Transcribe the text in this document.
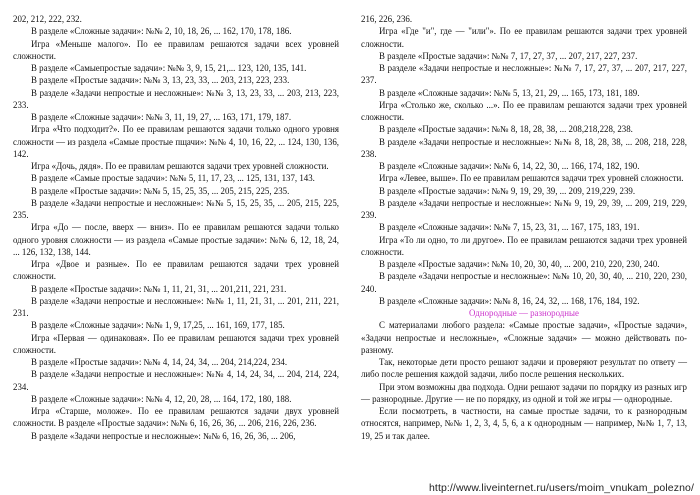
202, 212, 222, 232.

В разделе «Сложные задачи»: №№ 2, 10, 18, 26, ... 162, 170, 178, 186.

Игра «Меньше малого». По ее правилам решаются задачи всех уровней сложности.

В разделе «Самыепростые задачи»: №№ 3, 9, 15, 21,... 123, 120, 135, 141.

В разделе «Простые задачи»: №№ 3, 13, 23, 33, ... 203, 213, 223, 233.

В разделе «Задачи непростые и несложные»: №№ 3, 13, 23, 33, ... 203, 213, 223, 233.

В разделе «Сложные задачи»: №№ 3, 11, 19, 27, ... 163, 171, 179, 187.

Игра «Что подходит?». По ее правилам решаются задачи только одного уровня сложности — из раздела «Самые простые пщачи»: №№ 4, 10, 16, 22, ... 124, 130, 136, 142.

Игра «Дочь, дядя». По ее правилам решаются задачи трех уровней сложности.

В разделе «Самые простые задачи»: №№ 5, 11, 17, 23, ... 125, 131, 137, 143.

В разделе «Простые задачи»: №№ 5, 15, 25, 35, ... 205, 215, 225, 235.

В разделе «Задачи непростые и несложные»: №№ 5, 15, 25, 35, ... 205, 215, 225, 235.

Игра «До — после, вверх — вниз». По ее правилам решаются задачи только одного уровня сложности — из раздела «Самые простые задачи»: №№ 6, 12, 18, 24, ... 126, 132, 138, 144.

Игра «Двое и разные». По ее правилам решаются задачи трех уровней сложности.

В разделе «Простые задачи»: №№ 1, 11, 21, 31, ... 201,211, 221, 231.

В разделе «Задачи непростые и несложные»: №№ 1, 11, 21, 31, ... 201, 211, 221, 231.

В разделе «Сложные задачи»: №№ 1, 9, 17,25, ... 161, 169, 177, 185.

Игра «Первая — одинаковая». По ее правилам решаются задачи трех уровней сложности.

В разделе «Простые задачи»: №№ 4, 14, 24, 34, ... 204, 214,224, 234.

В разделе «Задачи непростые и несложные»: №№ 4, 14, 24, 34, ... 204, 214, 224, 234.

В разделе «Сложные задачи»: №№ 4, 12, 20, 28, ... 164, 172, 180, 188.

Игра «Старше, моложе». По ее правилам решаются задачи двух уровней сложности. В разделе «Простые задачи»: №№ 6, 16, 26, 36, ... 206, 216, 226, 236.

В разделе «Задачи непростые и несложные»: №№ 6, 16, 26, 36, ... 206,

216, 226, 236.

Игра «Где "и", где — "или"». По ее правилам решаются задачи трех уровней сложности.

В разделе «Простые задачи»: №№ 7, 17, 27, 37, ... 207, 217, 227, 237.

В разделе «Задачи непростые и несложные»: №№ 7, 17, 27, 37, ... 207, 217, 227, 237.

В разделе «Сложные задачи»: №№ 5, 13, 21, 29, ... 165, 173, 181, 189.

Игра «Столько же, сколько ...». По ее правилам решаются задачи трех уровней сложности.

В разделе «Простые задачи»: №№ 8, 18, 28, 38, ... 208,218,228, 238.

В разделе «Задачи непростые и несложные»: №№ 8, 18, 28, 38, ... 208, 218, 228, 238.

В разделе «Сложные задачи»: №№ 6, 14, 22, 30, ... 166, 174, 182, 190.

Игра «Левее, выше». По ее правилам решаются задачи трех уровней сложности.

В разделе «Простые задачи»: №№ 9, 19, 29, 39, ... 209, 219,229, 239.

В разделе «Задачи непростые и несложные»: №№ 9, 19, 29, 39, ... 209, 219, 229, 239.

В разделе «Сложные задачи»: №№ 7, 15, 23, 31, ... 167, 175, 183, 191.

Игра «То ли одно, то ли другое». По ее правилам решаются задачи трех уровней сложности.

В разделе «Простые задачи»: №№ 10, 20, 30, 40, ... 200, 210, 220, 230, 240.

В разделе «Задачи непростые и несложные»: №№ 10, 20, 30, 40, ... 210, 220, 230, 240.

В разделе «Сложные задачи»: №№ 8, 16, 24, 32, ... 168, 176, 184, 192.

Однородные — разнородные

С материалами любого раздела: «Самые простые задачи», «Простые задачи», «Задачи непростые и несложные», «Сложные задачи» — можно действовать по-разному.

Так, некоторые дети просто решают задачи и проверяют результат по ответу — либо после решения каждой задачи, либо после решения нескольких.

При этом возможны два подхода. Одни решают задачи по порядку из разных игр — разнородные. Другие — не по порядку, из одной и той же игры — однородные.

Если посмотреть, в частности, на самые простые задачи, то к разнородным относятся, например, №№ 1, 2, 3, 4, 5, 6, а к однородным — например, №№ 1, 7, 13, 19, 25 и так далее.

http://www.liveinternet.ru/users/moim_vnukam_polezno/
